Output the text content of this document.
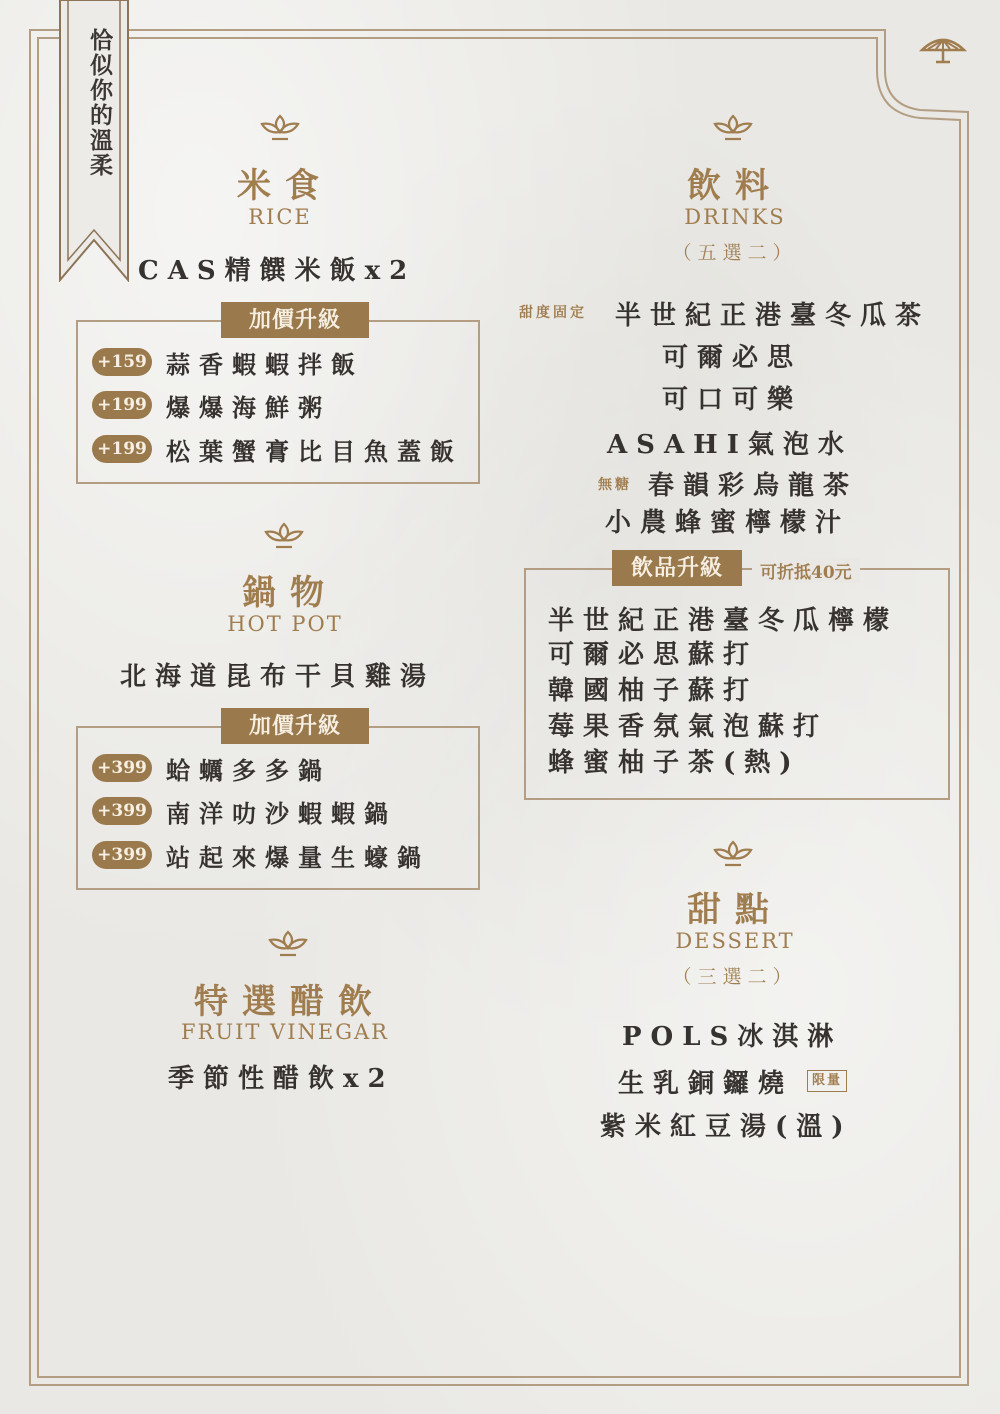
恰似你的溫柔
米食
RICE
CAS精饌米飯x2
加價升級
+159 蒜香蝦蝦拌飯
+199 爆爆海鮮粥
+199 松葉蟹膏比目魚蓋飯
鍋物
HOT POT
北海道昆布干貝雞湯
加價升級
+399 蛤蠣多多鍋
+399 南洋叻沙蝦蝦鍋
+399 站起來爆量生蠔鍋
特選醋飲
FRUIT VINEGAR
季節性醋飲x2
飲料
DRINKS
（五選二）
甜度固定 半世紀正港臺冬瓜茶
可爾必思
可口可樂
ASAHI氣泡水
無糖 春韻彩烏龍茶
小農蜂蜜檸檬汁
飲品升級	可折抵40元
半世紀正港臺冬瓜檸檬
可爾必思蘇打
韓國柚子蘇打
莓果香氛氣泡蘇打
蜂蜜柚子茶(熱)
甜點
DESSERT
（三選二）
POLS冰淇淋
生乳銅鑼燒	限量
紫米紅豆湯(溫)
